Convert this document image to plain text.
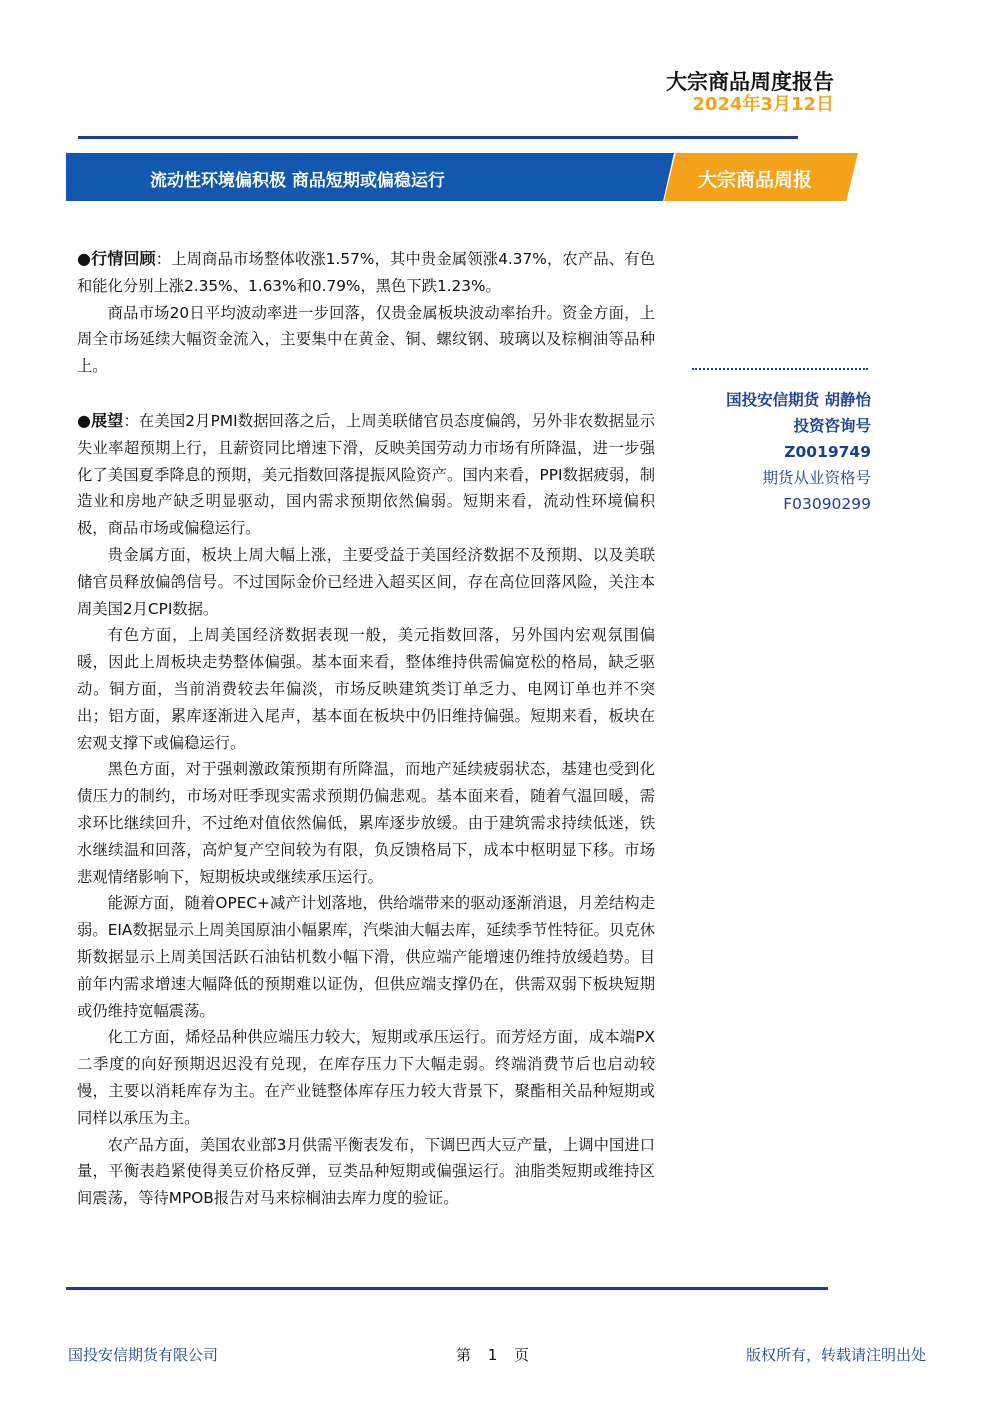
大宗商品周度报告
2024年3月12日
流动性环境偏积极 商品短期或偏稳运行	大宗商品周报

●行情回顾：上周商品市场整体收涨1.57%，其中贵金属领涨4.37%，农产品、有色和能化分别上涨2.35%、1.63%和0.79%，黑色下跌1.23%。

商品市场20日平均波动率进一步回落，仅贵金属板块波动率抬升。资金方面，上周全市场延续大幅资金流入，主要集中在黄金、铜、螺纹钢、玻璃以及棕榈油等品种上。

●展望：在美国2月PMI数据回落之后，上周美联储官员态度偏鸽，另外非农数据显示失业率超预期上行，且薪资同比增速下滑，反映美国劳动力市场有所降温，进一步强化了美国夏季降息的预期，美元指数回落提振风险资产。国内来看，PPI数据疲弱，制造业和房地产缺乏明显驱动，国内需求预期依然偏弱。短期来看，流动性环境偏积极，商品市场或偏稳运行。

贵金属方面，板块上周大幅上涨，主要受益于美国经济数据不及预期、以及美联储官员释放偏鸽信号。不过国际金价已经进入超买区间，存在高位回落风险，关注本周美国2月CPI数据。

有色方面，上周美国经济数据表现一般，美元指数回落，另外国内宏观氛围偏暖，因此上周板块走势整体偏强。基本面来看，整体维持供需偏宽松的格局，缺乏驱动。铜方面，当前消费较去年偏淡，市场反映建筑类订单乏力、电网订单也并不突出；铝方面，累库逐渐进入尾声，基本面在板块中仍旧维持偏强。短期来看，板块在宏观支撑下或偏稳运行。

黑色方面，对于强刺激政策预期有所降温，而地产延续疲弱状态，基建也受到化债压力的制约，市场对旺季现实需求预期仍偏悲观。基本面来看，随着气温回暖，需求环比继续回升，不过绝对值依然偏低，累库逐步放缓。由于建筑需求持续低迷，铁水继续温和回落，高炉复产空间较为有限，负反馈格局下，成本中枢明显下移。市场悲观情绪影响下，短期板块或继续承压运行。

能源方面，随着OPEC+减产计划落地，供给端带来的驱动逐渐消退，月差结构走弱。EIA数据显示上周美国原油小幅累库，汽柴油大幅去库，延续季节性特征。贝克休斯数据显示上周美国活跃石油钻机数小幅下滑，供应端产能增速仍维持放缓趋势。目前年内需求增速大幅降低的预期难以证伪，但供应端支撑仍在，供需双弱下板块短期或仍维持宽幅震荡。

化工方面，烯烃品种供应端压力较大，短期或承压运行。而芳烃方面，成本端PX二季度的向好预期迟迟没有兑现，在库存压力下大幅走弱。终端消费节后也启动较慢，主要以消耗库存为主。在产业链整体库存压力较大背景下，聚酯相关品种短期或同样以承压为主。

农产品方面，美国农业部3月供需平衡表发布，下调巴西大豆产量，上调中国进口量，平衡表趋紧使得美豆价格反弹，豆类品种短期或偏强运行。油脂类短期或维持区间震荡，等待MPOB报告对马来棕榈油去库力度的验证。

国投安信期货 胡静怡
投资咨询号
Z0019749
期货从业资格号
F03090299
国投安信期货有限公司	第 1 页	版权所有，转载请注明出处
